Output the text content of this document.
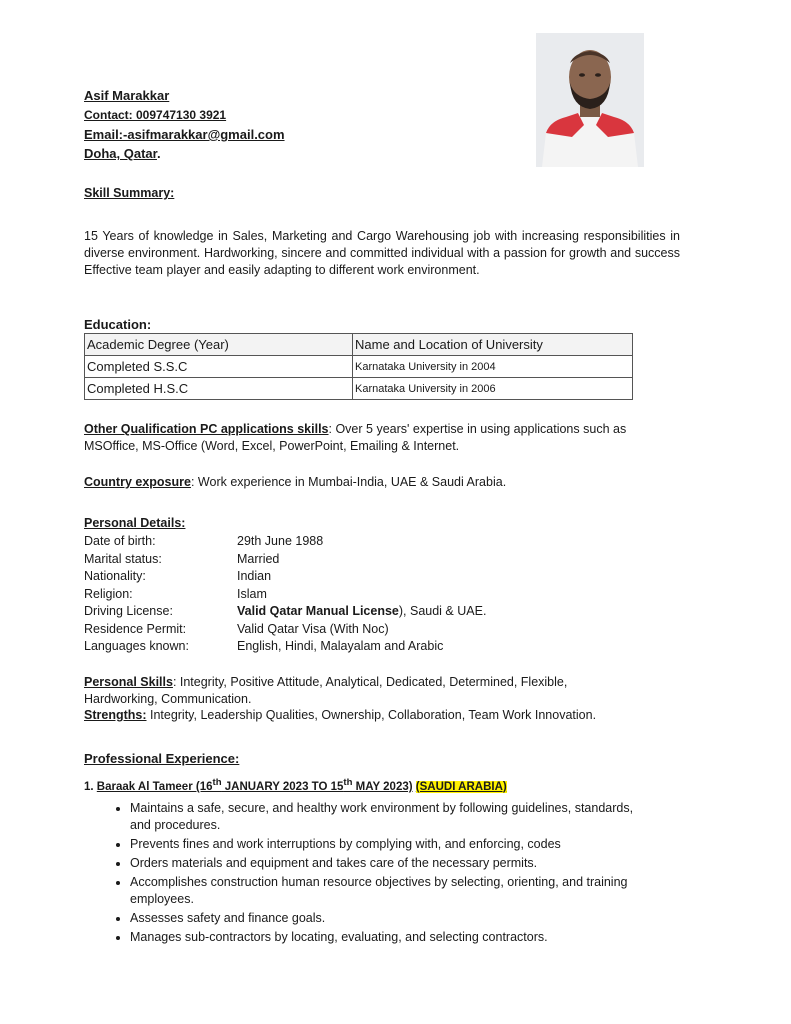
Asif Marakkar
Contact: 009747130 3921
Email:-asifmarakkar@gmail.com
Doha, Qatar.
Skill Summary:
15 Years of knowledge in Sales, Marketing and Cargo Warehousing job with increasing responsibilities in diverse environment. Hardworking, sincere and committed individual with a passion for growth and success Effective team player and easily adapting to different work environment.
Education:
Academic Degree (Year)	Name and Location of University
Completed S.S.C	Karnataka University in 2004
Completed H.S.C	Karnataka University in 2006
Other Qualification PC applications skills: Over 5 years' expertise in using applications such as MSOffice, MS-Office (Word, Excel, PowerPoint, Emailing & Internet.
Country exposure: Work experience in Mumbai-India, UAE & Saudi Arabia.
Personal Details:
Date of birth:	29th June 1988
Marital status:	Married
Nationality:	Indian
Religion:	Islam
Driving License:	Valid Qatar Manual License), Saudi & UAE.
Residence Permit:	Valid Qatar Visa (With Noc)
Languages known:	English, Hindi, Malayalam and Arabic
Personal Skills: Integrity, Positive Attitude, Analytical, Dedicated, Determined, Flexible, Hardworking, Communication.
Strengths: Integrity, Leadership Qualities, Ownership, Collaboration, Team Work Innovation.
Professional Experience:
1. Baraak Al Tameer (16th JANUARY 2023 TO 15th MAY 2023) (SAUDI ARABIA)
• Maintains a safe, secure, and healthy work environment by following guidelines, standards, and procedures.
• Prevents fines and work interruptions by complying with, and enforcing, codes
• Orders materials and equipment and takes care of the necessary permits.
• Accomplishes construction human resource objectives by selecting, orienting, and training employees.
• Assesses safety and finance goals.
• Manages sub-contractors by locating, evaluating, and selecting contractors.
